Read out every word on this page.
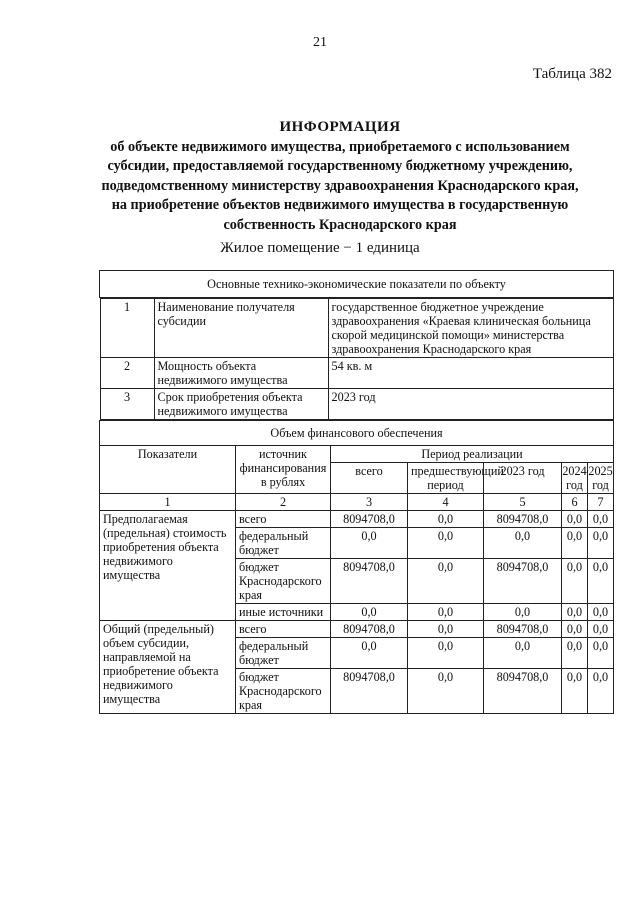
21
Таблица 382
ИНФОРМАЦИЯ
об объекте недвижимого имущества, приобретаемого с использованием
субсидии, предоставляемой государственному бюджетному учреждению,
подведомственному министерству здравоохранения Краснодарского края,
на приобретение объектов недвижимого имущества в государственную
собственность Краснодарского края
Жилое помещение − 1 единица
Основные технико-экономические показатели по объекту

1	Наименование получателя субсидии	государственное бюджетное учреждение здравоохранения «Краевая клиническая больница скорой медицинской помощи» министерства здравоохранения Краснодарского края
2	Мощность объекта недвижимого имущества	54 кв. м
3	Срок приобретения объекта недвижимого имущества	2023 год

Объем финансового обеспечения
Показатели	источник финансирования в рублях	Период реализации
всего	предшествующий период	2023 год	2024 год	2025 год
1	2	3	4	5	6	7
Предполагаемая (предельная) стоимость приобретения объекта недвижимого имущества	всего	8094708,0	0,0	8094708,0	0,0	0,0
федеральный бюджет	0,0	0,0	0,0	0,0	0,0
бюджет Краснодарского края	8094708,0	0,0	8094708,0	0,0	0,0
иные источники	0,0	0,0	0,0	0,0	0,0
Общий (предельный) объем субсидии, направляемой на приобретение объекта недвижимого имущества	всего	8094708,0	0,0	8094708,0	0,0	0,0
федеральный бюджет	0,0	0,0	0,0	0,0	0,0
бюджет Краснодарского края	8094708,0	0,0	8094708,0	0,0	0,0
